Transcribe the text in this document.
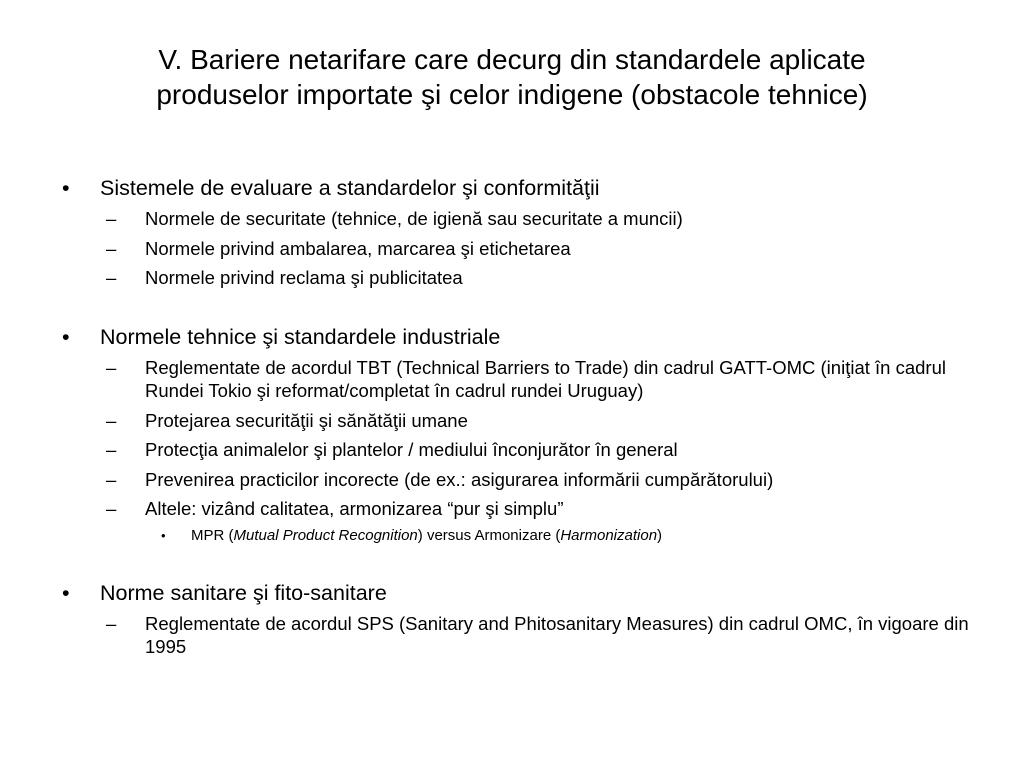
V. Bariere netarifare care decurg din standardele aplicate
produselor importate şi celor indigene (obstacole tehnice)
•	Sistemele de evaluare a standardelor şi conformităţii
– Normele de securitate (tehnice, de igienă sau securitate a muncii)
– Normele privind ambalarea, marcarea şi etichetarea
– Normele privind reclama şi publicitatea
•	Normele tehnice şi standardele industriale
– Reglementate de acordul TBT (Technical Barriers to Trade) din cadrul GATT-OMC (iniţiat în cadrul Rundei Tokio şi reformat/completat în cadrul rundei Uruguay)
– Protejarea securităţii şi sănătăţii umane
– Protecţia animalelor şi plantelor / mediului înconjurător în general
– Prevenirea practicilor incorecte (de ex.: asigurarea informării cumpărătorului)
– Altele: vizând calitatea, armonizarea “pur şi simplu”
• MPR (Mutual Product Recognition) versus Armonizare (Harmonization)
•	Norme sanitare şi fito-sanitare
– Reglementate de acordul SPS (Sanitary and Phitosanitary Measures) din cadrul OMC, în vigoare din 1995
